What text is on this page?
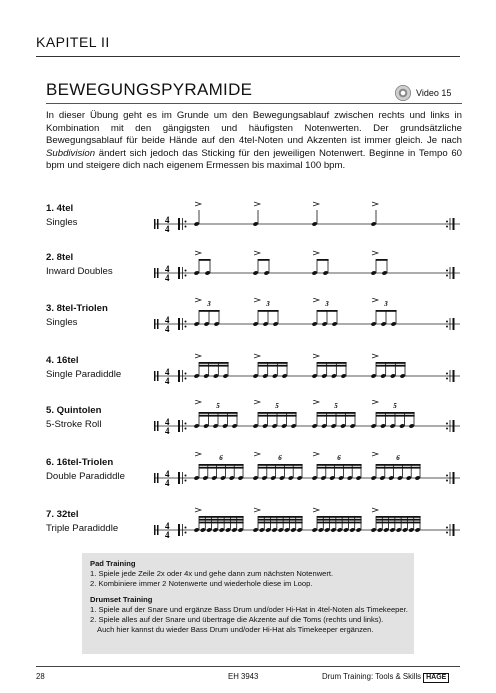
KAPITEL II
BEWEGUNGSPYRAMIDE	Video 15

In dieser Übung geht es im Grunde um den Bewegungsablauf zwischen rechts und links in Kombination mit den gängigsten und häufigsten Notenwerten. Der grundsätzliche Bewegungsablauf für beide Hände auf den 4tel-Noten und Akzenten ist immer gleich. Je nach Subdivision ändert sich jedoch das Sticking für den jeweiligen Notenwert. Beginne in Tempo 60 bpm und steigere dich nach eigenem Ermessen bis maximal 100 bpm.

1. 4tel
Singles	4
4
2. 8tel
Inward Doubles	4
4
3. 8tel-Triolen
Singles	4
4
3	3	3	3
4. 16tel
Single Paradiddle	4
4
5. Quintolen
5-Stroke Roll	4
4
5	5	5	5
6. 16tel-Triolen
Double Paradiddle	4
4
6	6	6	6
7. 32tel
Triple Paradiddle	4
4
Pad Training
1. Spiele jede Zeile 2x oder 4x und gehe dann zum nächsten Notenwert.
2. Kombiniere immer 2 Notenwerte und wiederhole diese im Loop.
Drumset Training
1. Spiele auf der Snare und ergänze Bass Drum und/oder Hi-Hat in 4tel-Noten als Timekeeper.
2. Spiele alles auf der Snare und übertrage die Akzente auf die Toms (rechts und links).
Auch hier kannst du wieder Bass Drum und/oder Hi-Hat als Timekeeper ergänzen.
28	EH 3943	Drum Training: Tools & Skills HAGE
